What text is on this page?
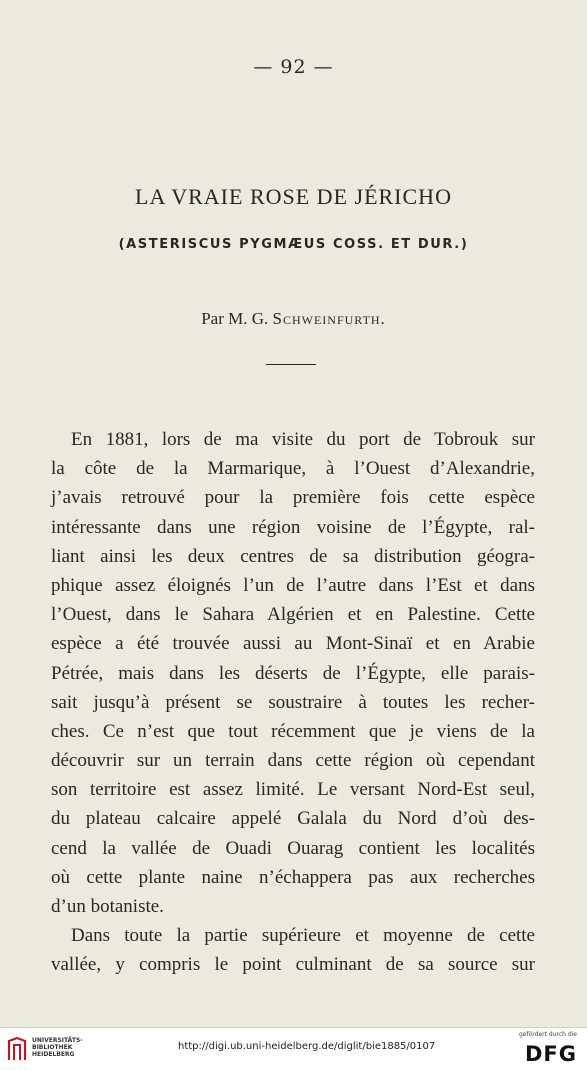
— 92 —
LA VRAIE ROSE DE JÉRICHO
(ASTERISCUS PYGMÆUS COSS. ET DUR.)
Par M. G. Schweinfurth.
En 1881, lors de ma visite du port de Tobrouk sur
la côte de la Marmarique, à l’Ouest d’Alexandrie,
j’avais retrouvé pour la première fois cette espèce
intéressante dans une région voisine de l’Égypte, ral-
liant ainsi les deux centres de sa distribution géogra-
phique assez éloignés l’un de l’autre dans l’Est et dans
l’Ouest, dans le Sahara Algérien et en Palestine. Cette
espèce a été trouvée aussi au Mont-Sinaï et en Arabie
Pétrée, mais dans les déserts de l’Égypte, elle parais-
sait jusqu’à présent se soustraire à toutes les recher-
ches. Ce n’est que tout récemment que je viens de la
découvrir sur un terrain dans cette région où cependant
son territoire est assez limité. Le versant Nord-Est seul,
du plateau calcaire appelé Galala du Nord d’où des-
cend la vallée de Ouadi Ouarag contient les localités
où cette plante naine n’échappera pas aux recherches
d’un botaniste.
Dans toute la partie supérieure et moyenne de cette
vallée, y compris le point culminant de sa source sur
UNIVERSITÄTS-
BIBLIOTHEK
HEIDELBERG
http://digi.ub.uni-heidelberg.de/diglit/bie1885/0107
gefördert durch die
DFG
